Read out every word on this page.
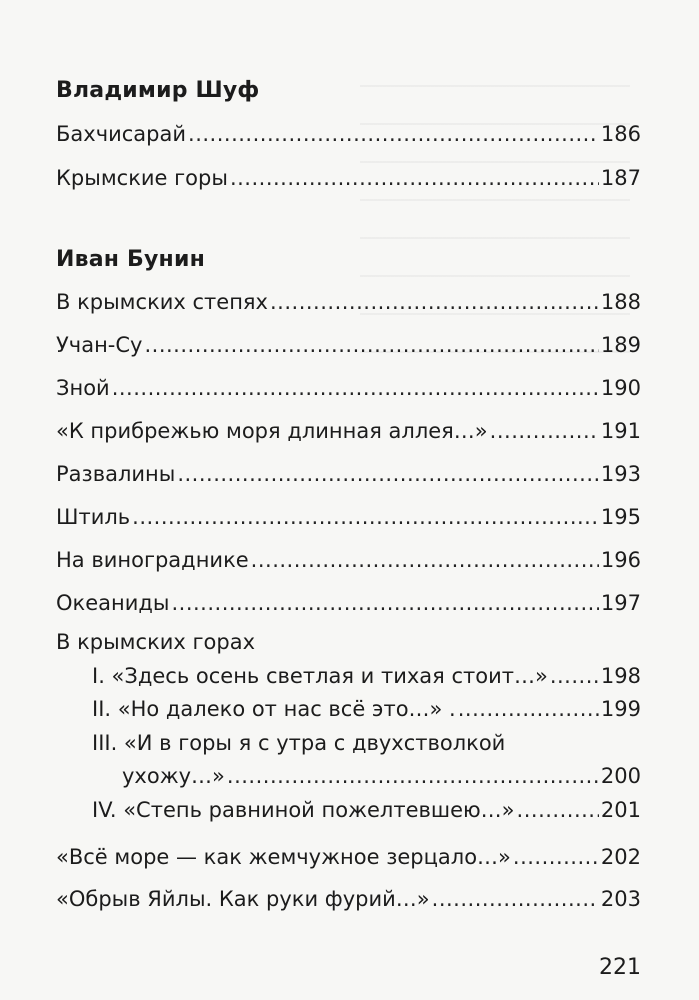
Владимир Шуф
Бахчисарай .....	186
Крымские горы .....	187
Иван Бунин
В крымских степях .....	188
Учан-Су .....	189
Зной .....	190
«К прибрежью моря длинная аллея…» .....	191
Развалины .....	193
Штиль .....	195
На винограднике .....	196
Океаниды .....	197
В крымских горах
I. «Здесь осень светлая и тихая стоит…» .....	198
II. «Но далеко от нас всё это…» . .....	199
III. «И в горы я с утра с двухстволкой
ухожу…» .....	200
IV. «Степь равниной пожелтевшею…» .....	201
«Всё море — как жемчужное зерцало…» .....	202
«Обрыв Яйлы. Как руки фурий…» .....	203
221
